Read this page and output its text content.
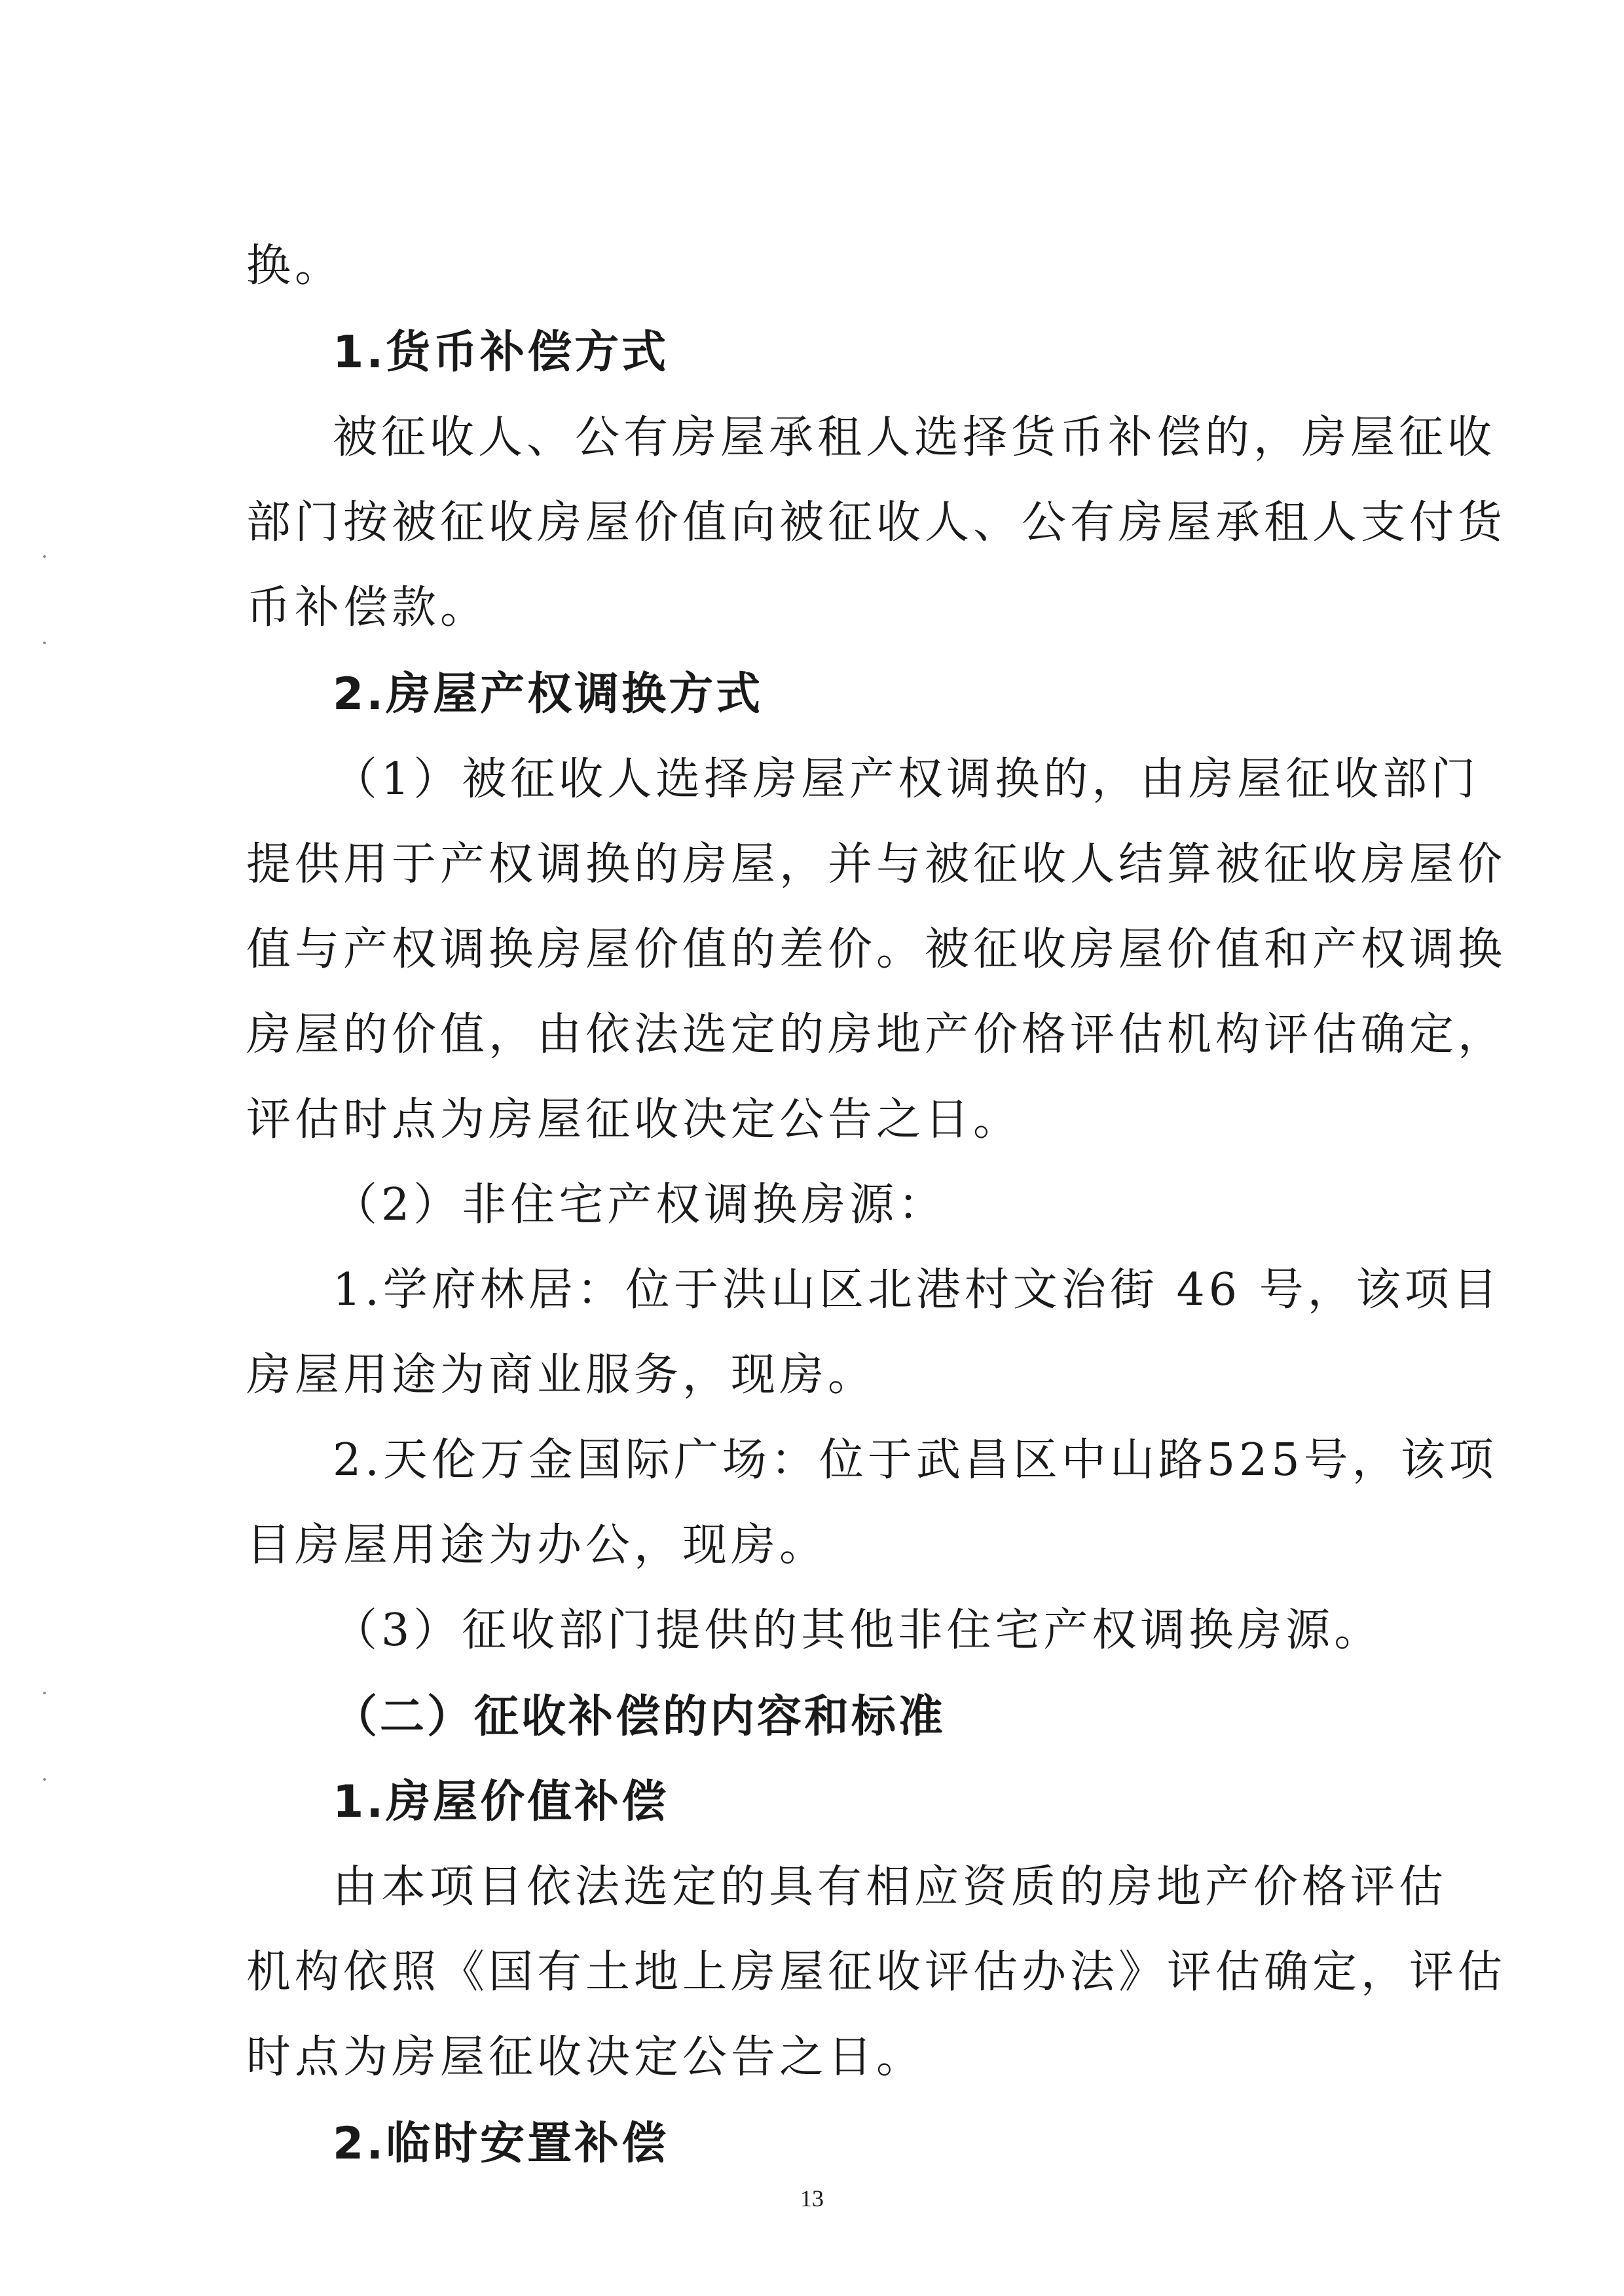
换。
1.货币补偿方式
被征收人、公有房屋承租人选择货币补偿的，房屋征收
部门按被征收房屋价值向被征收人、公有房屋承租人支付货
币补偿款。
2.房屋产权调换方式
（1）被征收人选择房屋产权调换的，由房屋征收部门
提供用于产权调换的房屋，并与被征收人结算被征收房屋价
值与产权调换房屋价值的差价。被征收房屋价值和产权调换
房屋的价值，由依法选定的房地产价格评估机构评估确定，
评估时点为房屋征收决定公告之日。
（2）非住宅产权调换房源：
1.学府林居：位于洪山区北港村文治街 46 号，该项目
房屋用途为商业服务，现房。
2.天伦万金国际广场：位于武昌区中山路525号，该项
目房屋用途为办公，现房。
（3）征收部门提供的其他非住宅产权调换房源。
（二）征收补偿的内容和标准
1.房屋价值补偿
由本项目依法选定的具有相应资质的房地产价格评估
机构依照《国有土地上房屋征收评估办法》评估确定，评估
时点为房屋征收决定公告之日。
2.临时安置补偿
13
